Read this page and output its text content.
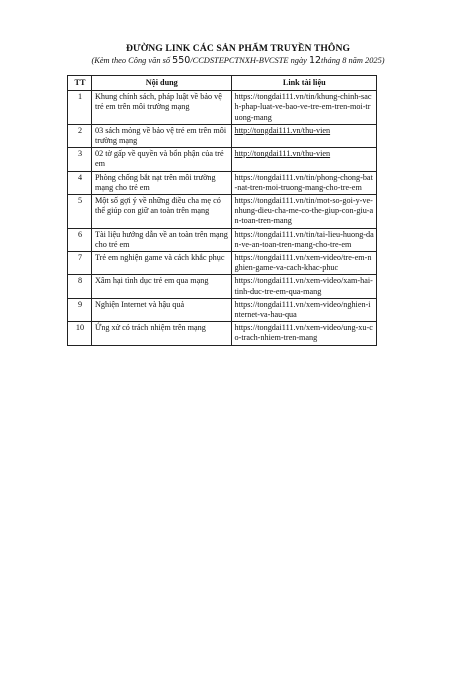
ĐƯỜNG LINK CÁC SẢN PHẨM TRUYỀN THÔNG
(Kèm theo Công văn số 550/CCDSTEPCTNXH-BVCSTE ngày 12tháng 8 năm 2025)
TT	Nội dung	Link tài liệu
1	Khung chính sách, pháp luật về bảo vệ trẻ em trên môi trường mạng	https://tongdai111.vn/tin/khung-chinh-sach-phap-luat-ve-bao-ve-tre-em-tren-moi-truong-mang
2	03 sách mỏng về bảo vệ trẻ em trên môi trường mạng	http://tongdai111.vn/thu-vien
3	02 tờ gấp về quyền và bổn phận của trẻ em	http://tongdai111.vn/thu-vien
4	Phòng chống bắt nạt trên môi trường mạng cho trẻ em	https://tongdai111.vn/tin/phong-chong-bat-nat-tren-moi-truong-mang-cho-tre-em
5	Một số gợi ý về những điều cha mẹ có thể giúp con giữ an toàn trên mạng	https://tongdai111.vn/tin/mot-so-goi-y-ve-nhung-dieu-cha-me-co-the-giup-con-giu-an-toan-tren-mang
6	Tài liệu hướng dẫn về an toàn trên mạng cho trẻ em	https://tongdai111.vn/tin/tai-lieu-huong-dan-ve-an-toan-tren-mang-cho-tre-em
7	Trẻ em nghiện game và cách khắc phục	https://tongdai111.vn/xem-video/tre-em-nghien-game-va-cach-khac-phuc
8	Xâm hại tình dục trẻ em qua mạng	https://tongdai111.vn/xem-video/xam-hai-tinh-duc-tre-em-qua-mang
9	Nghiện Internet và hậu quả	https://tongdai111.vn/xem-video/nghien-internet-va-hau-qua
10	Ứng xử có trách nhiệm trên mạng	https://tongdai111.vn/xem-video/ung-xu-co-trach-nhiem-tren-mang
